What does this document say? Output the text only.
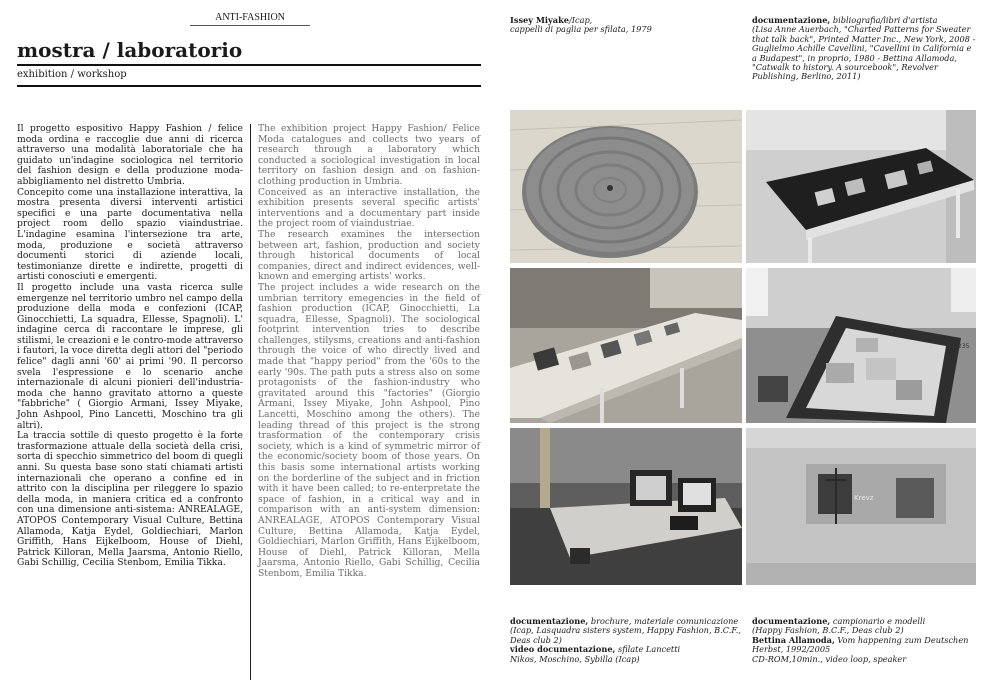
ANTI-FASHION
mostra / laboratorio
exhibition / workshop
Il progetto espositivo Happy Fashion / felice moda ordina e raccoglie due anni di ricerca attraverso una modalità laboratoriale che ha guidato un'indagine sociologica nel territorio del fashion design e della produzione moda-abbigliamento nel distretto Umbria.
Concepito come una installazione interattiva, la mostra presenta diversi interventi artistici specifici e una parte documentativa nella project room dello spazio viaindustriae. L'indagine esamina l'intersezione tra arte, moda, produzione e società attraverso documenti storici di aziende locali, testimonianze dirette e indirette, progetti di artisti conosciuti e emergenti.
Il progetto include una vasta ricerca sulle emergenze nel territorio umbro nel campo della produzione della moda e confezioni (ICAP, Ginocchietti, La squadra, Ellesse, Spagnoli). L' indagine cerca di raccontare le imprese, gli stilismi, le creazioni e le contro-mode attraverso i fautori, la voce diretta degli attori del "periodo felice" dagli anni '60' ai primi '90. Il percorso svela l'espressione e lo scenario anche internazionale di alcuni pionieri dell'industria-moda che hanno gravitato attorno a queste "fabbriche" ( Giorgio Armani, Issey Miyake, John Ashpool, Pino Lancetti, Moschino tra gli altri).
La traccia sottile di questo progetto è la forte trasformazione attuale della società della crisi, sorta di specchio simmetrico del boom di quegli anni. Su questa base sono stati chiamati artisti internazionali che operano a confine ed in attrito con la disciplina per rileggere lo spazio della moda, in maniera critica ed a confronto con una dimensione anti-sistema: ANREALAGE, ATOPOS Contemporary Visual Culture, Bettina Allamoda, Katja Eydel, Goldiechiari, Marlon Griffith, Hans Eijkelboom, House of Diehl, Patrick Killoran, Mella Jaarsma, Antonio Riello, Gabi Schillig, Cecilia Stenbom, Emilia Tikka.
The exhibition project Happy Fashion/ Felice Moda catalogues and collects two years of research through a laboratory which conducted a sociological investigation in local territory on fashion design and on fashion-clothing production in Umbria.
Conceived as an interactive installation, the exhibition presents several specific artists' interventions and a documentary part inside the project room of viaindustriae.
The research examines the intersection between art, fashion, production and society through historical documents of local companies, direct and indirect evidences, well-known and emerging artists' works.
The project includes a wide research on the umbrian territory emegencies in the field of fashion production (ICAP, Ginocchietti, La squadra, Ellesse, Spagnoli). The sociological footprint intervention tries to describe challenges, stilysms, creations and anti-fashion through the voice of who directly lived and made that "happy period" from the '60s to the early '90s. The path puts a stress also on some protagonists of the fashion-industry who gravitated around this "factories" (Giorgio Armani, Issey Miyake, John Ashpool, Pino Lancetti, Moschino among the others). The leading thread of this project is the strong trasformation of the contemporary crisis society, which is a kind of symmetric mirror of the economic/society boom of those years. On this basis some international artists working on the borderline of the subject and in friction with it have been called; to re-enterpretate the space of fashion, in a critical way and in comparison with an anti-system dimension: ANREALAGE, ATOPOS Contemporary Visual Culture, Bettina Allamoda, Katja Eydel, Goldiechiari, Marlon Griffith, Hans Eijkelboom, House of Diehl, Patrick Killoran, Mella Jaarsma, Antonio Riello, Gabi Schillig, Cecilia Stenbom, Emilia Tikka.
Issey Miyake/Icap,
cappelli di paglia per sfilata, 1979
documentazione, bibliografia/libri d'artista
(Lisa Anne Auerbach, "Charted Patterns for Sweater that talk back", Printed Matter Inc., New York, 2008 - Guglielmo Achille Cavellini, "Cavellini in California e a Budapest", in proprio, 1980 - Bettina Allamoda, "Catwalk to history. A sourcebook", Revolver Publishing, Berlino, 2011)
235
Krevz
documentazione, brochure, materiale comunicazione (Icap, Lasquadra sisters system, Happy Fashion, B.C.F., Deas club 2)
video documentazione, sfilate Lancetti
Nikos, Moschino, Sybilla (Icap)
documentazione, campionario e modelli
(Happy Fashion, B.C.F., Deas club 2)
Bettina Allamoda, Vom happening zum Deutschen Herbst, 1992/2005
CD-ROM,10min., video loop, speaker
